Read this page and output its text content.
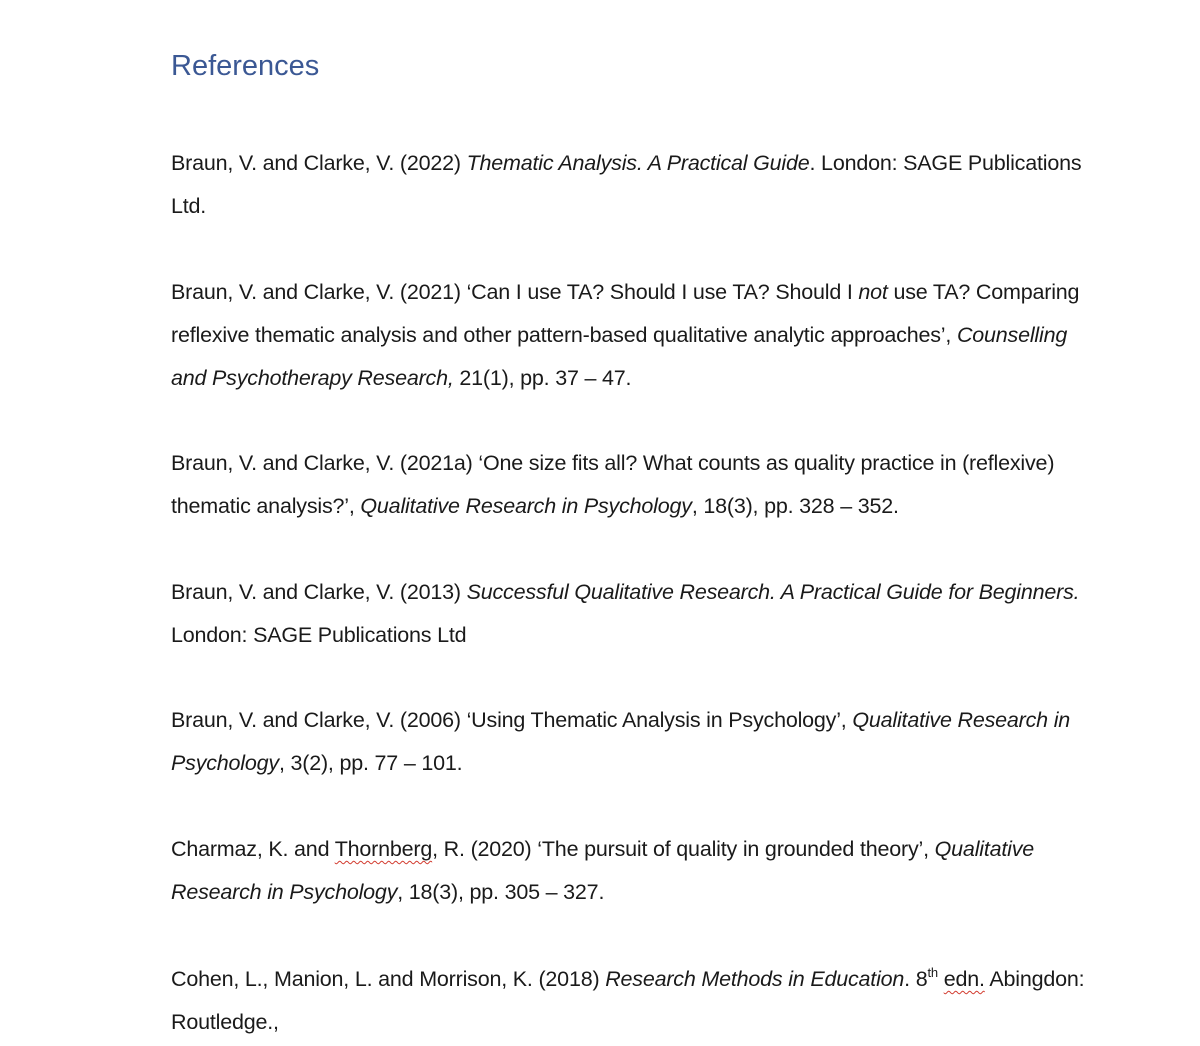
References

Braun, V. and Clarke, V. (2022) Thematic Analysis. A Practical Guide. London: SAGE Publications Ltd.

Braun, V. and Clarke, V. (2021) ‘Can I use TA? Should I use TA? Should I not use TA? Comparing reflexive thematic analysis and other pattern-based qualitative analytic approaches’, Counselling and Psychotherapy Research, 21(1), pp. 37 – 47.

Braun, V. and Clarke, V. (2021a) ‘One size fits all? What counts as quality practice in (reflexive) thematic analysis?’, Qualitative Research in Psychology, 18(3), pp. 328 – 352.

Braun, V. and Clarke, V. (2013) Successful Qualitative Research. A Practical Guide for Beginners. London: SAGE Publications Ltd

Braun, V. and Clarke, V. (2006) ‘Using Thematic Analysis in Psychology’, Qualitative Research in Psychology, 3(2), pp. 77 – 101.

Charmaz, K. and Thornberg, R. (2020) ‘The pursuit of quality in grounded theory’, Qualitative Research in Psychology, 18(3), pp. 305 – 327.

Cohen, L., Manion, L. and Morrison, K. (2018) Research Methods in Education. 8th edn. Abingdon: Routledge.,
